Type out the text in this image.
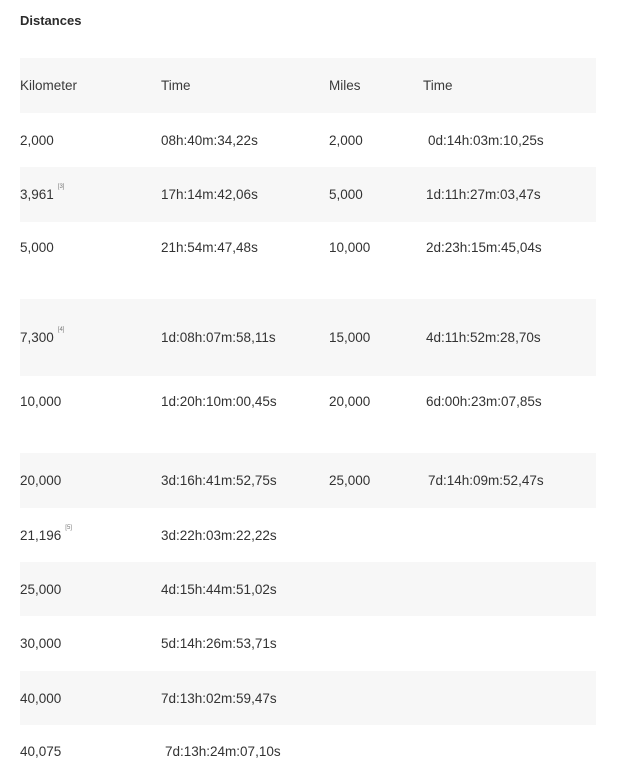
Distances
Kilometer	Time	Miles	Time
2,000	08h:40m:34,22s	2,000	0d:14h:03m:10,25s
3,961 [3]	17h:14m:42,06s	5,000	1d:11h:27m:03,47s
5,000	21h:54m:47,48s	10,000	2d:23h:15m:45,04s
7,300 [4]	1d:08h:07m:58,11s	15,000	4d:11h:52m:28,70s
10,000	1d:20h:10m:00,45s	20,000	6d:00h:23m:07,85s
20,000	3d:16h:41m:52,75s	25,000	7d:14h:09m:52,47s
21,196 [5]	3d:22h:03m:22,22s		
25,000	4d:15h:44m:51,02s		
30,000	5d:14h:26m:53,71s		
40,000	7d:13h:02m:59,47s		
40,075	7d:13h:24m:07,10s		
